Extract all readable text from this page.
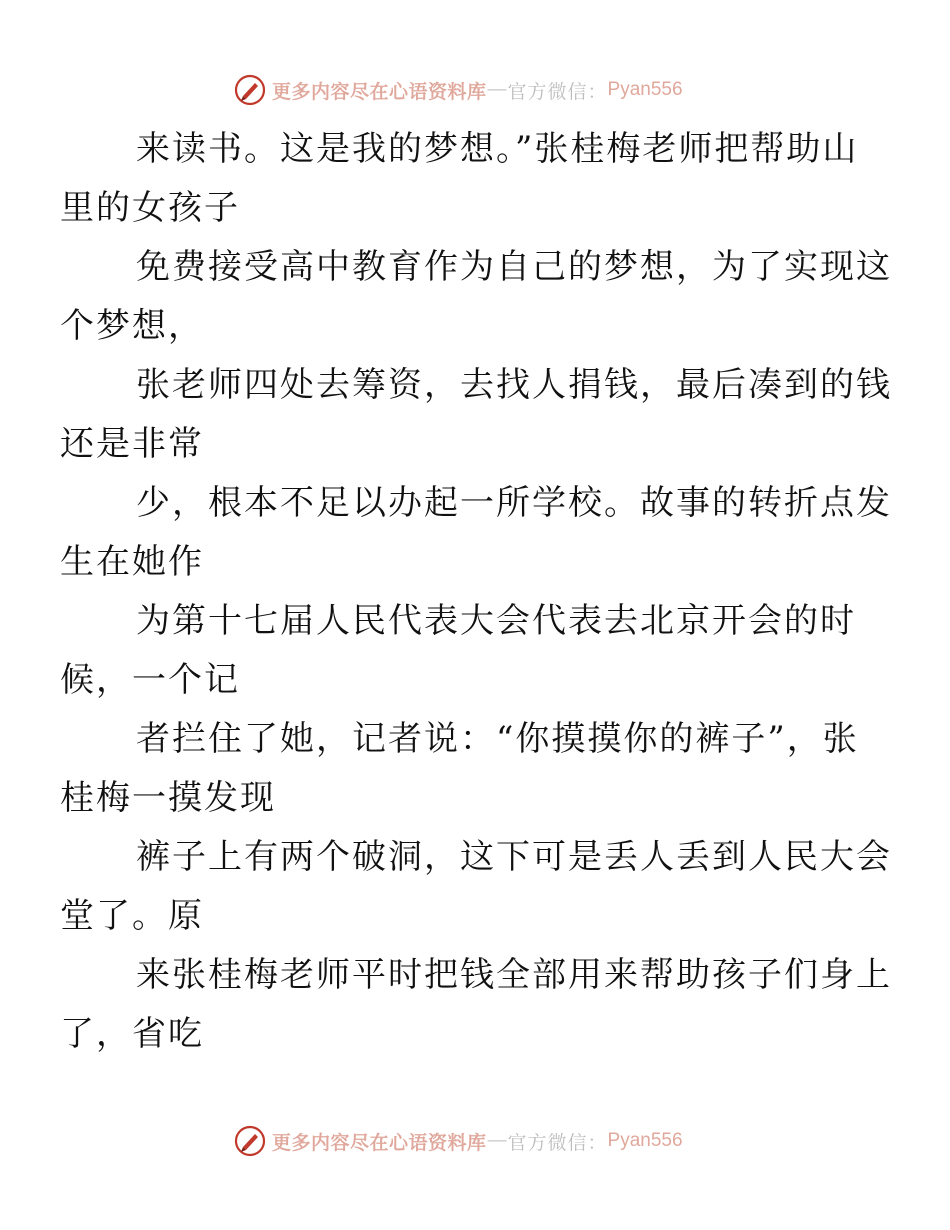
更多内容尽在心语资料库 — 官方微信： Pyan556

来读书。这是我的梦想。”张桂梅老师把帮助山
里的女孩子

免费接受高中教育作为自己的梦想，为了实现这
个梦想，

张老师四处去筹资，去找人捐钱，最后凑到的钱
还是非常

少，根本不足以办起一所学校。故事的转折点发
生在她作

为第十七届人民代表大会代表去北京开会的时
候，一个记

者拦住了她，记者说：“你摸摸你的裤子”，张
桂梅一摸发现

裤子上有两个破洞，这下可是丢人丢到人民大会
堂了。原

来张桂梅老师平时把钱全部用来帮助孩子们身上
了，省吃

更多内容尽在心语资料库 — 官方微信： Pyan556
